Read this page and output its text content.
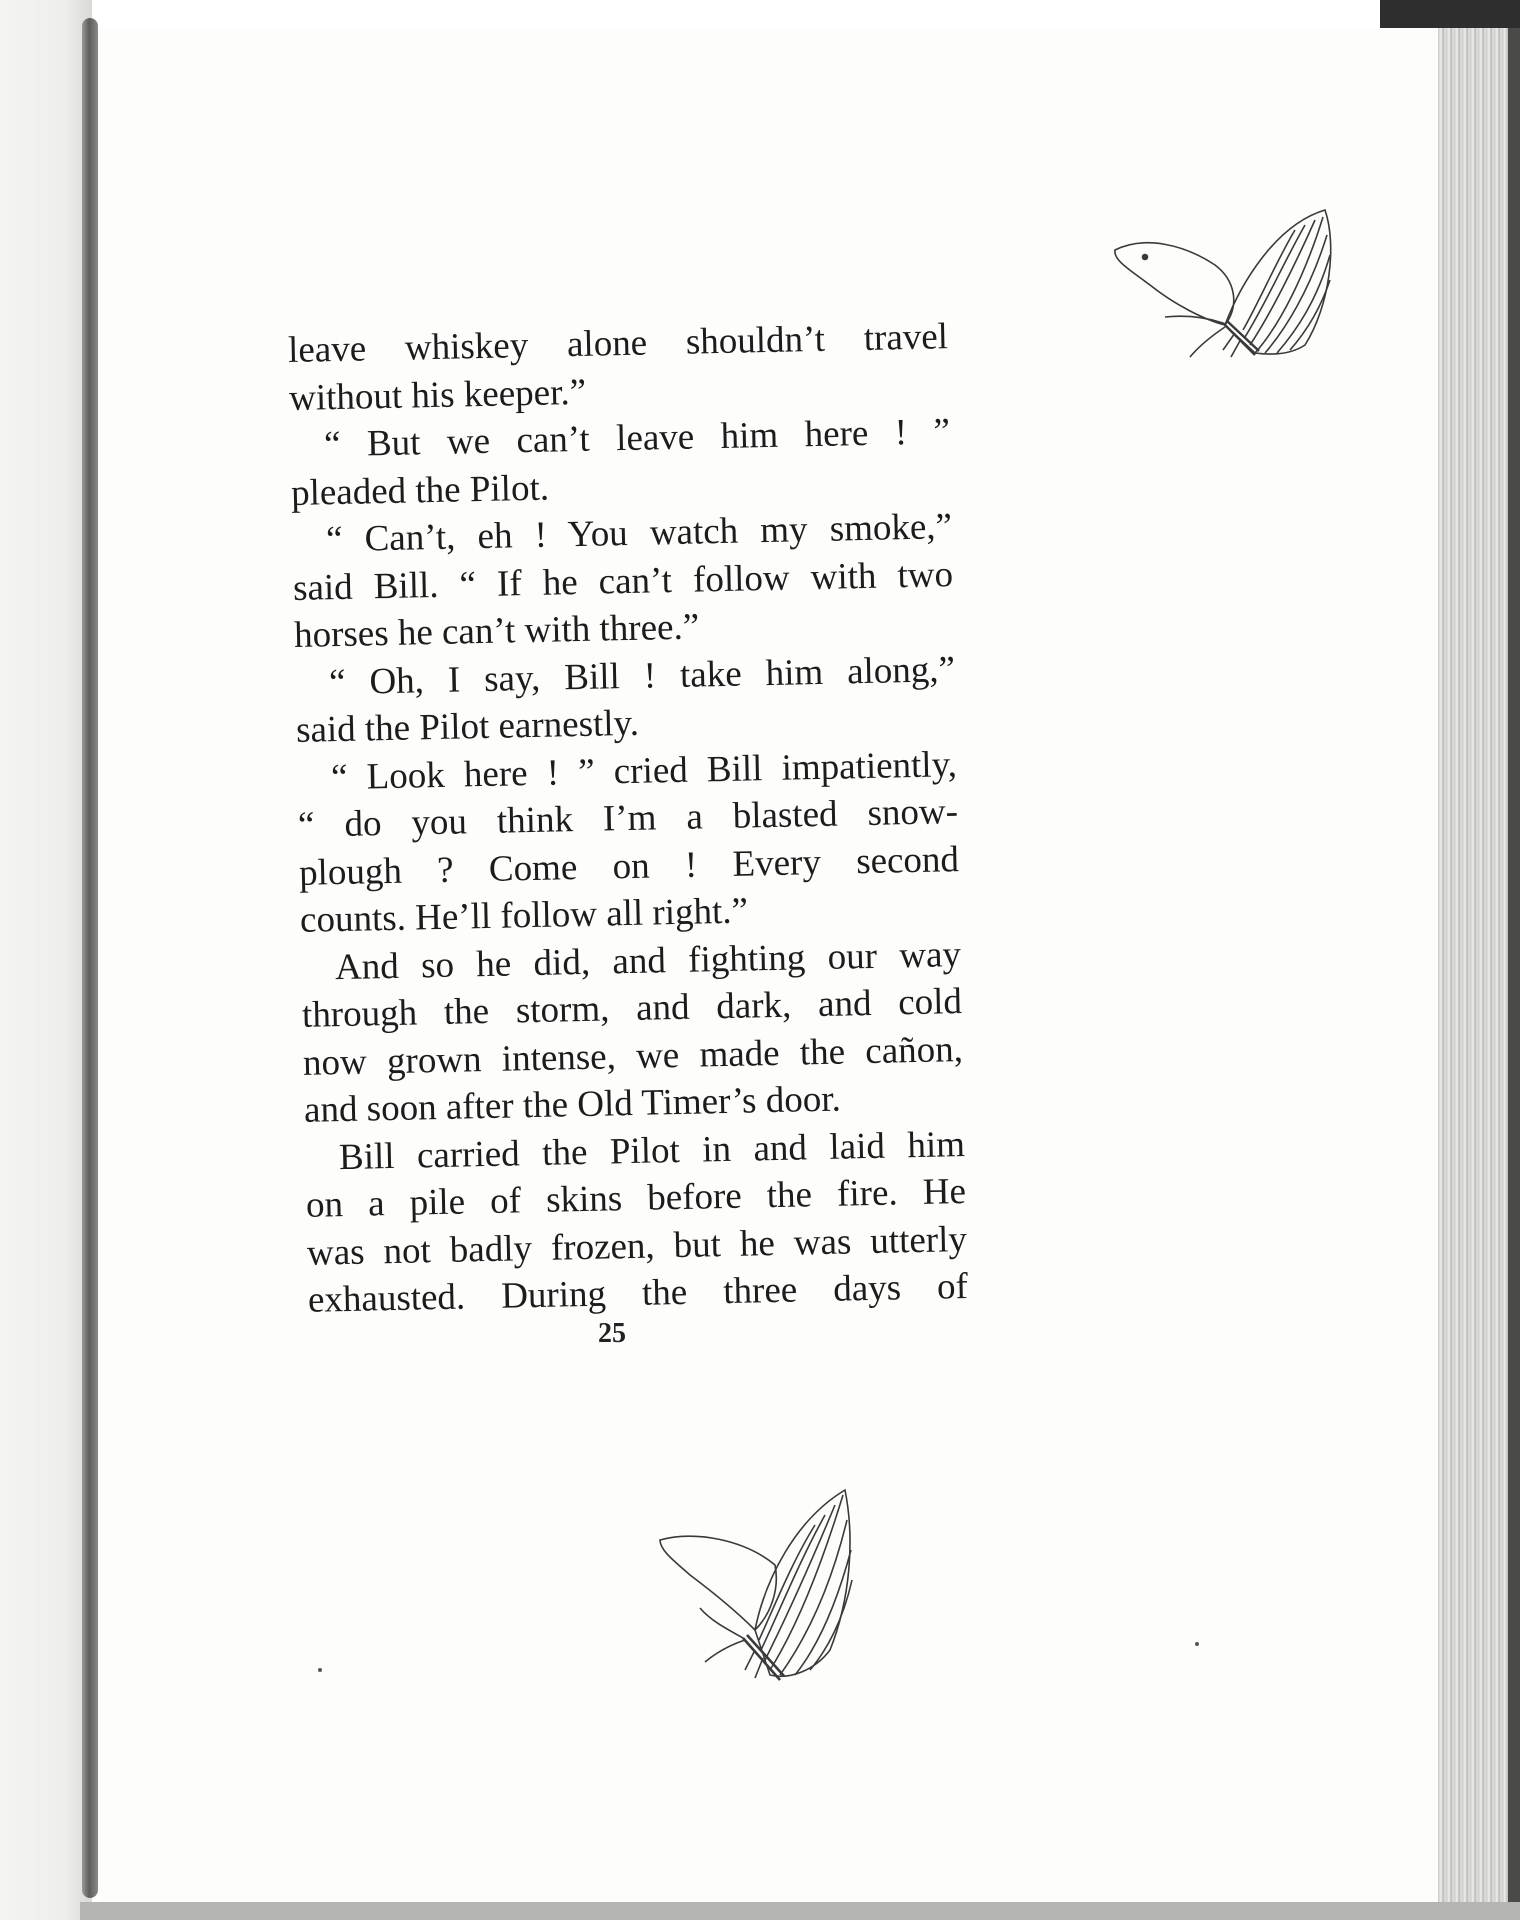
leave whiskey alone shouldn’t travel
without his keeper.”
“ But we can’t leave him here ! ”
pleaded the Pilot.
“ Can’t, eh ! You watch my smoke,”
said Bill. “ If he can’t follow with two
horses he can’t with three.”
“ Oh, I say, Bill ! take him along,”
said the Pilot earnestly.
“ Look here ! ” cried Bill impatiently,
“ do you think I’m a blasted snow-
plough ? Come on ! Every second
counts. He’ll follow all right.”
And so he did, and fighting our way
through the storm, and dark, and cold
now grown intense, we made the cañon,
and soon after the Old Timer’s door.
Bill carried the Pilot in and laid him
on a pile of skins before the fire. He
was not badly frozen, but he was utterly
exhausted. During the three days of
25
